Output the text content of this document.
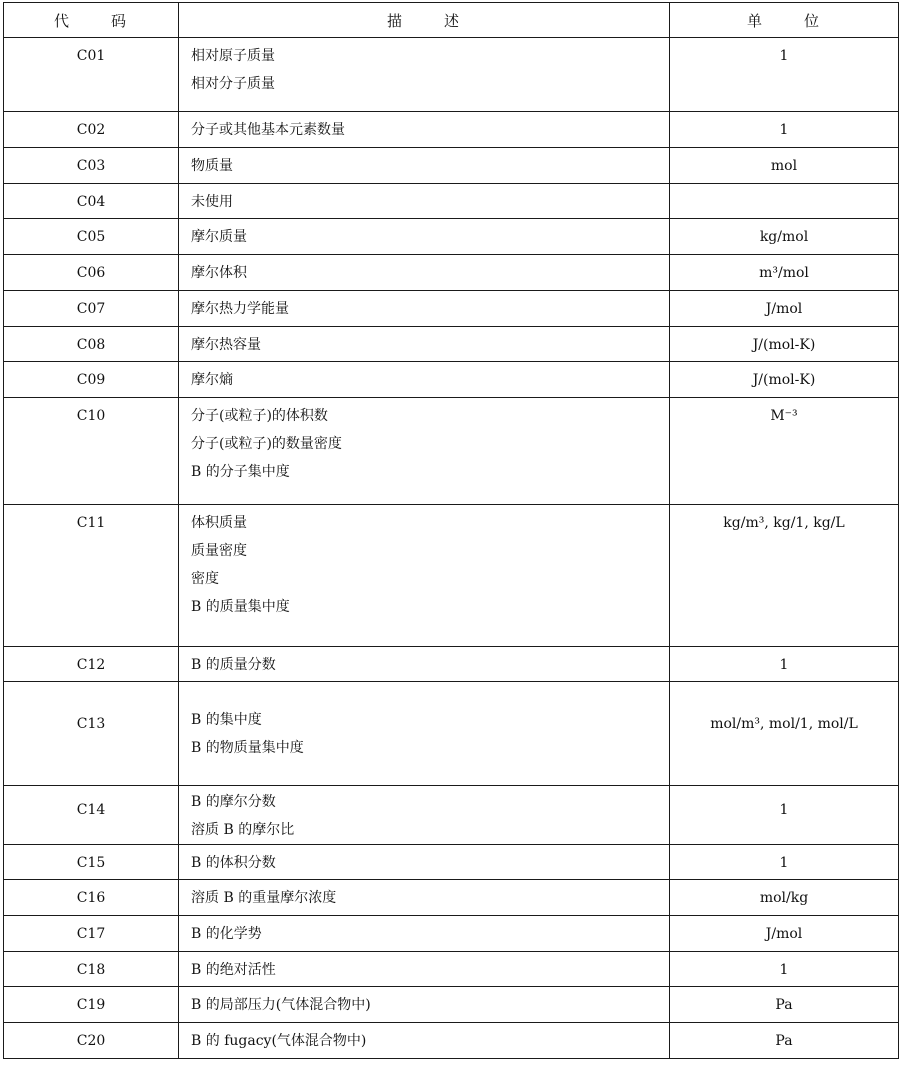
代 码	描 述	单 位

C01	相对原子质量
相对分子质量	1

C02	分子或其他基本元素数量	1

C03	物质量	mol

C04	未使用	

C05	摩尔质量	kg/mol

C06	摩尔体积	m³/mol

C07	摩尔热力学能量	J/mol

C08	摩尔热容量	J/(mol-K)

C09	摩尔熵	J/(mol-K)

C10	分子(或粒子)的体积数
分子(或粒子)的数量密度
B 的分子集中度	M⁻³

C11	体积质量
质量密度
密度
B 的质量集中度	kg/m³, kg/1, kg/L

C12	B 的质量分数	1

C13	B 的集中度
B 的物质量集中度	mol/m³, mol/1, mol/L

C14	B 的摩尔分数
溶质 B 的摩尔比	1

C15	B 的体积分数	1

C16	溶质 B 的重量摩尔浓度	mol/kg

C17	B 的化学势	J/mol

C18	B 的绝对活性	1

C19	B 的局部压力(气体混合物中)	Pa

C20	B 的 fugacy(气体混合物中)	Pa
